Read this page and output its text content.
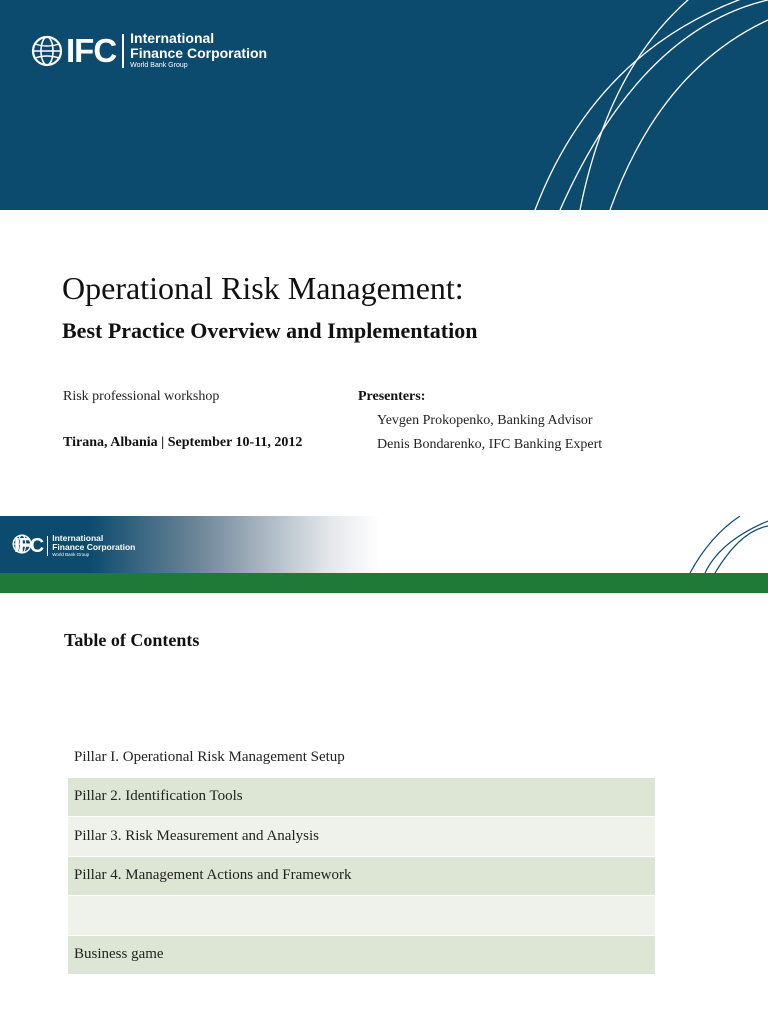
IFC International
Finance Corporation
World Bank Group
Operational Risk Management:
Best Practice Overview and Implementation
Risk professional workshop
Tirana, Albania | September 10-11, 2012
Presenters:
Yevgen Prokopenko, Banking Advisor
Denis Bondarenko, IFC Banking Expert
IFC International
Finance Corporation
World Bank Group
Table of Contents
Pillar I. Operational Risk Management Setup
Pillar 2. Identification Tools
Pillar 3. Risk Measurement and Analysis
Pillar 4. Management Actions and Framework
Business game
